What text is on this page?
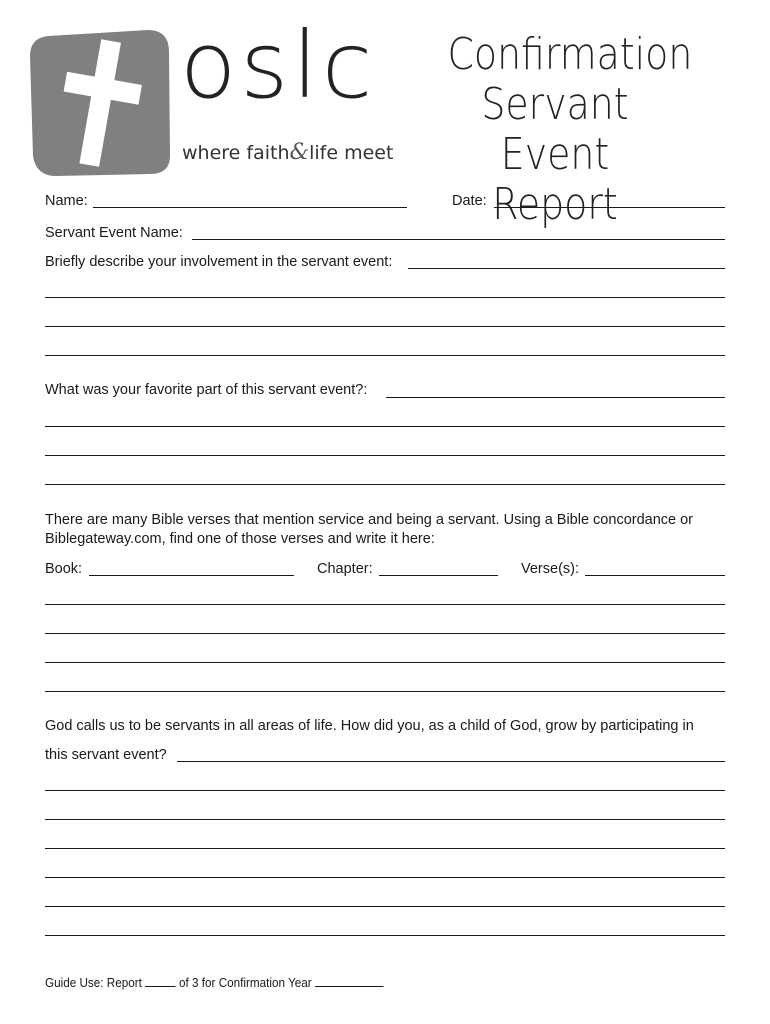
oslc
where faith&life meet
Confirmation
Servant Event
Report
Name:	Date:
Servant Event Name:
Briefly describe your involvement in the servant event:
What was your favorite part of this servant event?:
There are many Bible verses that mention service and being a servant. Using a Bible concordance or Biblegateway.com, find one of those verses and write it here:
Book:	Chapter:	Verse(s):
God calls us to be servants in all areas of life. How did you, as a child of God, grow by participating in
this servant event?
Guide Use: Report	of 3 for Confirmation Year
